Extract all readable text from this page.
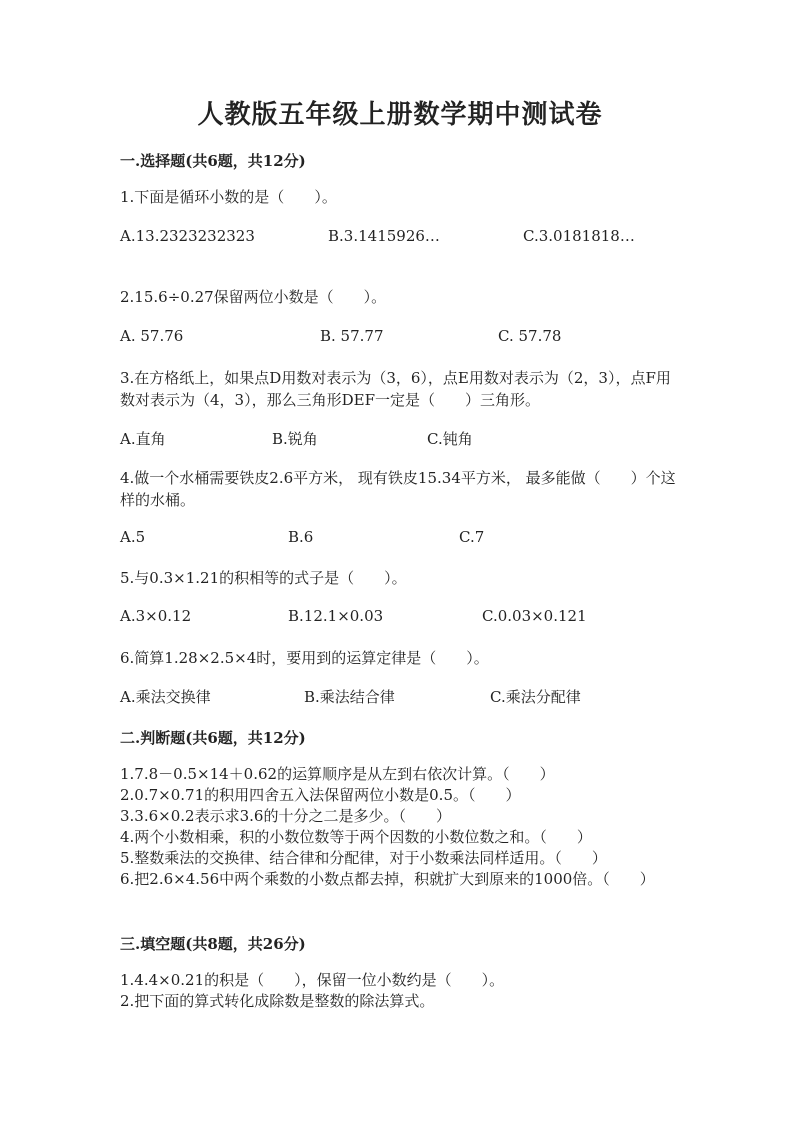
人教版五年级上册数学期中测试卷
一.选择题(共6题，共12分)
1.下面是循环小数的是（　　）。
A.13.2323232323	B.3.1415926…	C.3.0181818…
2.15.6÷0.27保留两位小数是（　　）。
A. 57.76	B. 57.77	C. 57.78
3.在方格纸上，如果点D用数对表示为（3，6），点E用数对表示为（2，3），点F用数对表示为（4，3），那么三角形DEF一定是（　　）三角形。
A.直角	B.锐角	C.钝角
4.做一个水桶需要铁皮2.6平方米， 现有铁皮15.34平方米， 最多能做（　　）个这样的水桶。
A.5	B.6	C.7
5.与0.3×1.21的积相等的式子是（　　）。
A.3×0.12	B.12.1×0.03	C.0.03×0.121
6.简算1.28×2.5×4时，要用到的运算定律是（　　）。
A.乘法交换律	B.乘法结合律	C.乘法分配律
二.判断题(共6题，共12分)
1.7.8－0.5×14＋0.62的运算顺序是从左到右依次计算。（　　）
2.0.7×0.71的积用四舍五入法保留两位小数是0.5。（　　）
3.3.6×0.2表示求3.6的十分之二是多少。（　　）
4.两个小数相乘，积的小数位数等于两个因数的小数位数之和。（　　）
5.整数乘法的交换律、结合律和分配律，对于小数乘法同样适用。（　　）
6.把2.6×4.56中两个乘数的小数点都去掉，积就扩大到原来的1000倍。（　　）
三.填空题(共8题，共26分)
1.4.4×0.21的积是（　　），保留一位小数约是（　　）。
2.把下面的算式转化成除数是整数的除法算式。
